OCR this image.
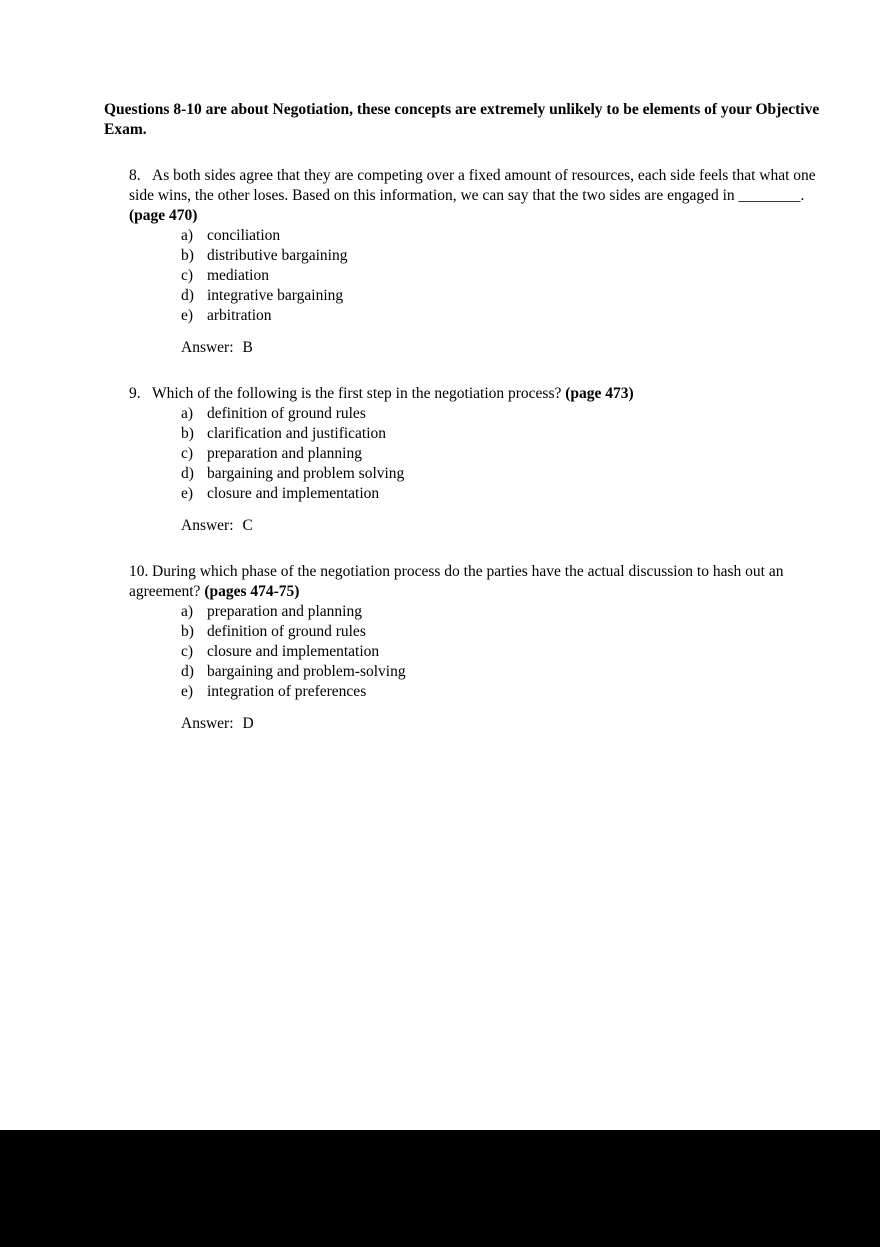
Questions 8-10 are about Negotiation, these concepts are extremely unlikely to be elements of your Objective Exam.

8. As both sides agree that they are competing over a fixed amount of resources, each side feels that what one side wins, the other loses. Based on this information, we can say that the two sides are engaged in ________. (page 470)

a) conciliation
b) distributive bargaining
c) mediation
d) integrative bargaining
e) arbitration

Answer: B

9. Which of the following is the first step in the negotiation process? (page 473)

a) definition of ground rules
b) clarification and justification
c) preparation and planning
d) bargaining and problem solving
e) closure and implementation

Answer: C

10. During which phase of the negotiation process do the parties have the actual discussion to hash out an agreement? (pages 474-75)

a) preparation and planning
b) definition of ground rules
c) closure and implementation
d) bargaining and problem-solving
e) integration of preferences

Answer: D
